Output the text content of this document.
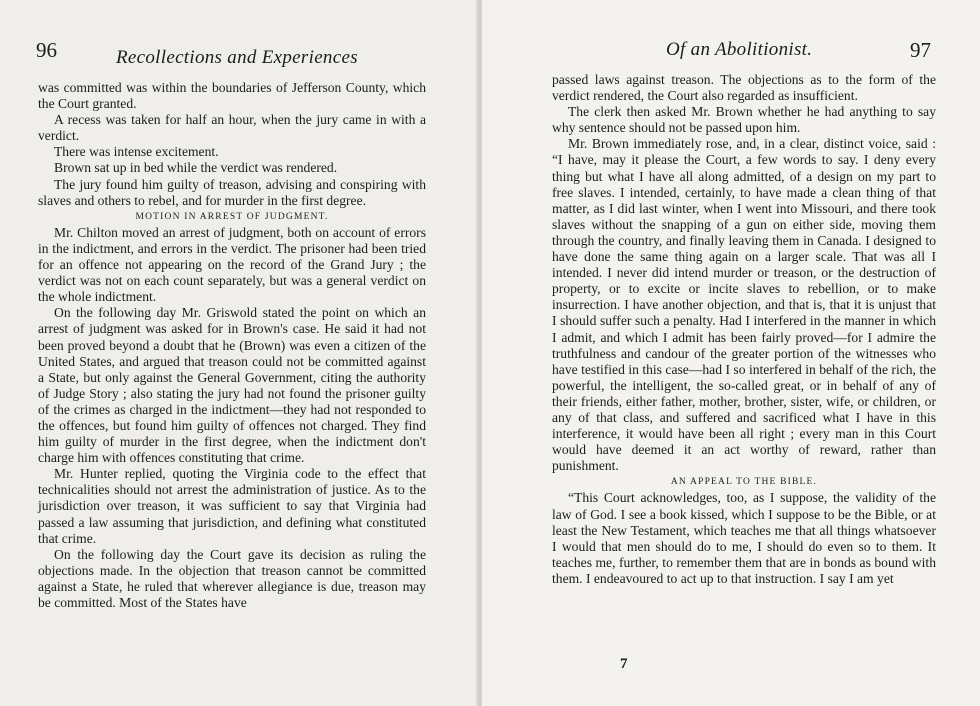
96	Recollections and Experiences

was committed was within the boundaries of Jefferson County, which the Court granted.

A recess was taken for half an hour, when the jury came in with a verdict.

There was intense excitement.

Brown sat up in bed while the verdict was rendered.

The jury found him guilty of treason, advising and conspiring with slaves and others to rebel, and for murder in the first degree.

MOTION IN ARREST OF JUDGMENT.

Mr. Chilton moved an arrest of judgment, both on account of errors in the indictment, and errors in the verdict. The prisoner had been tried for an offence not appearing on the record of the Grand Jury ; the verdict was not on each count separately, but was a general verdict on the whole indictment.

On the following day Mr. Griswold stated the point on which an arrest of judgment was asked for in Brown's case. He said it had not been proved beyond a doubt that he (Brown) was even a citizen of the United States, and argued that treason could not be committed against a State, but only against the General Government, citing the authority of Judge Story ; also stating the jury had not found the prisoner guilty of the crimes as charged in the indictment—they had not responded to the offences, but found him guilty of offences not charged. They find him guilty of murder in the first degree, when the indictment don't charge him with offences constituting that crime.

Mr. Hunter replied, quoting the Virginia code to the effect that technicalities should not arrest the administration of justice. As to the jurisdiction over treason, it was sufficient to say that Virginia had passed a law assuming that jurisdiction, and defining what constituted that crime.

On the following day the Court gave its decision as ruling the objections made. In the objection that treason cannot be committed against a State, he ruled that wherever allegiance is due, treason may be committed. Most of the States have

Of an Abolitionist.	97

passed laws against treason. The objections as to the form of the verdict rendered, the Court also regarded as insufficient.

The clerk then asked Mr. Brown whether he had anything to say why sentence should not be passed upon him.

Mr. Brown immediately rose, and, in a clear, distinct voice, said : “I have, may it please the Court, a few words to say. I deny every thing but what I have all along admitted, of a design on my part to free slaves. I intended, certainly, to have made a clean thing of that matter, as I did last winter, when I went into Missouri, and there took slaves without the snapping of a gun on either side, moving them through the country, and finally leaving them in Canada. I designed to have done the same thing again on a larger scale. That was all I intended. I never did intend murder or treason, or the destruction of property, or to excite or incite slaves to rebellion, or to make insurrection. I have another objection, and that is, that it is unjust that I should suffer such a penalty. Had I interfered in the manner in which I admit, and which I admit has been fairly proved—for I admire the truthfulness and candour of the greater portion of the witnesses who have testified in this case—had I so interfered in behalf of the rich, the powerful, the intelligent, the so-called great, or in behalf of any of their friends, either father, mother, brother, sister, wife, or children, or any of that class, and suffered and sacrificed what I have in this interference, it would have been all right ; every man in this Court would have deemed it an act worthy of reward, rather than punishment.

AN APPEAL TO THE BIBLE.

“This Court acknowledges, too, as I suppose, the validity of the law of God. I see a book kissed, which I suppose to be the Bible, or at least the New Testament, which teaches me that all things whatsoever I would that men should do to me, I should do even so to them. It teaches me, further, to remember them that are in bonds as bound with them. I endeavoured to act up to that instruction. I say I am yet

7
